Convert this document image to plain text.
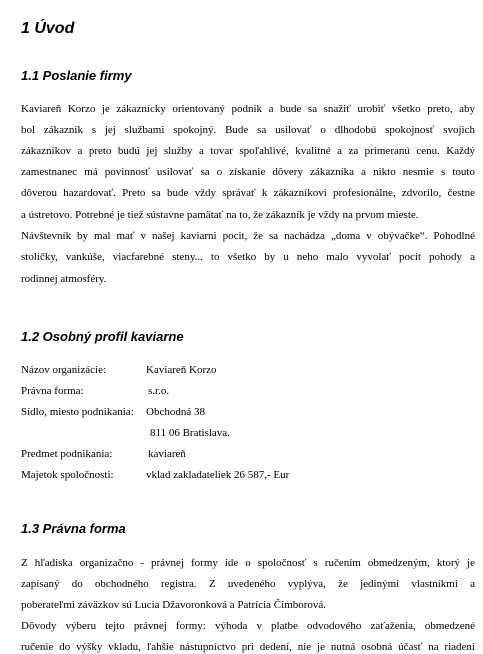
1 Úvod
1.1 Poslanie firmy
Kaviareň Korzo je zákaznícky orientovaný podnik a bude sa snažiť urobiť všetko preto, aby
bol zákazník s jej službami spokojný. Bude sa usilovať o dlhodobú spokojnosť svojich
zákazníkov a preto budú jej služby a tovar spoľahlivé, kvalitné a za primeranú cenu. Každý
zamestnanec má povinnosť usilovať sa o získanie dôvery zákazníka a nikto nesmie s touto
dôverou hazardovať. Preto sa bude vždy správať k zákazníkovi profesionálne, zdvorilo, čestne
a ústretovo. Potrebné je tiež sústavne pamätať na to, že zákazník je vždy na prvom mieste.
Návštevník by mal mať v našej kaviarni pocit, že sa nachádza „doma v obývačke“. Pohodlné
stoličky, vankúše, viacfarebné steny... to všetko by u neho malo vyvolať pocit pohody a
rodinnej atmosféry.
1.2 Osobný profil kaviarne
Názov organizácie:	Kaviareň Korzo
Právna forma:	s.r.o.
Sídlo, miesto podnikania: Obchodná 38
811 06 Bratislava.
Predmet podnikania:	kaviareň
Majetok spoločnosti:	vklad zakladateliek 26 587,- Eur
1.3 Právna forma
Z hľadiska organizačno - právnej formy ide o spoločnosť s ručením obmedzeným, ktorý je
zapísaný do obchodného registra. Z uvedeného vyplýva, že jedinými vlastníkmi a
poberateľmi záväzkov sú Lucia Džavoronková a Patrícia Čimborová.
Dôvody výberu tejto právnej formy: výhoda v platbe odvodového zaťaženia, obmedzené
ručenie do výšky vkladu, ľahšie nástupníctvo pri dedení, nie je nutná osobná účasť na riadení
